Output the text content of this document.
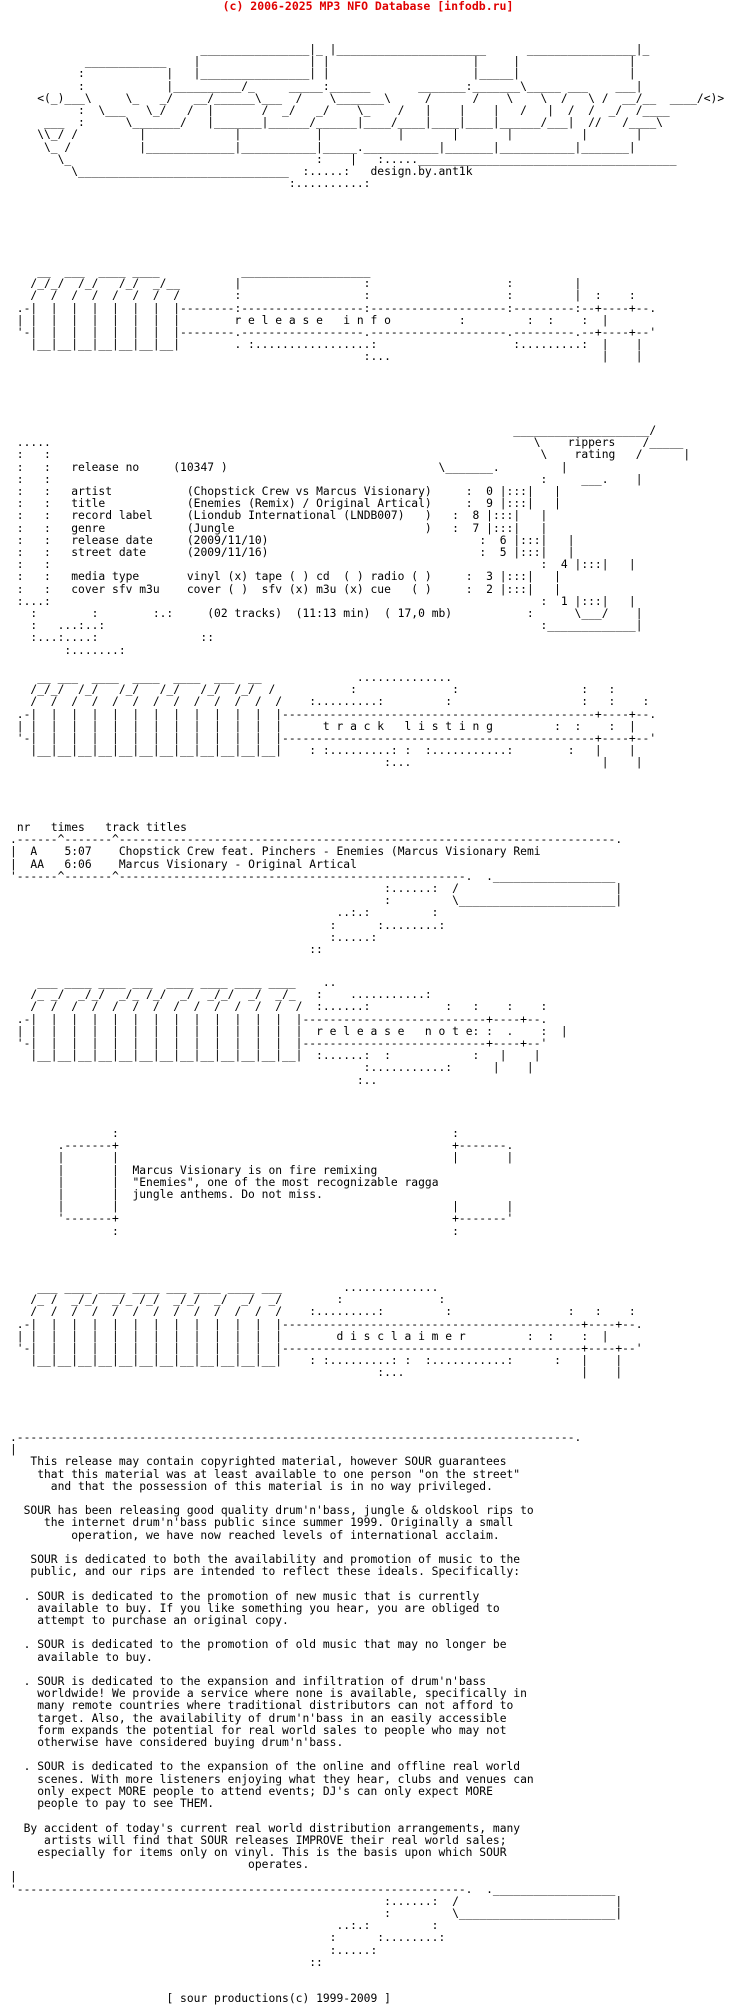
(c) 2006-2025 MP3 NFO Database [infodb.ru]
________________|_ |______________________      ________________|_
____________    |                | |                     |     |                |
:            |   |________________| |                     |_____|                |
:            |__________/_     _____:______       _______:_______\_____ ___    ___|
<(_)___\     \_   _/   __/______\___  /    \_______\     /      /    \    \  /   \ /  __/__  ____/<)>
:  \___   \_/   /  |       /  _/   _/    \_    /   |    |    |   /   |  /  /  _/  /____
___  :      \_______/   |_______|______/______|____/____|____|____|______/___|  //   /____\
\\_/ /         |             |           |           |       |       |          |       |
\_ /          |_____________|___________|_____.___________|_______|___________|_______|
\_                                    :    |   :.....______________________________________
\_______________________________  :.....:   design.by.ant1k
:..........:
__  ___  ____ ____            ___________________
/_/_/  /_/   /_/  _/__        |                  :                    :         |
/  /  /  /  /  /  /  /        :                  :                    :         |  :    :
.-|  |  |  |  |  |  |  |--------:------------------:--------------------:---------:--+----+--.
| |  |  |  |  |  |  |  |	r e l e a s e   i n f o	:         :  :    :  |
'-|  |  |  |  |  |  |  |--------.------------------.--------------------.---------.--+----+--'
|__|__|__|__|__|__|__|        . :.................:                    :.........:  |    |
:...                               |    |
____________________/
.....                                                                       \    rippers    /_____
:   :                                                                        \    rating   /      |
:   :   release no	(10347 )	\_______.         |
:   :                                                                        :     ___.    |
:   :   artist	(Chopstick Crew vs Marcus Visionary)     :  0 |:::|   |
:   :   title	(Enemies (Remix) / Original Artical)     :  9 |:::|   |
:   :   record label	(Liondub International (LNDB007)   )   :  8 |:::|   |
:   :   genre	(Jungle                            )   :  7 |:::|   |
:   :   release date	(2009/11/10)                               :  6 |:::|   |
:   :   street date	(2009/11/16)                               :  5 |:::|   |
:   :                                                                        :  4 |:::|   |
:   :   media type	vinyl (x) tape ( ) cd  ( ) radio ( )     :  3 |:::|   |
:   :   cover sfv m3u cover ( )  sfv (x) m3u (x) cue   ( )     :  2 |:::|   |
:...:                                                                        :  1 |:::|   |
:        :        :.:	(02 tracks)  (11:13 min)  ( 17,0 mb)	:      \___/    |
:   ...:..:                                                                :_____________|
:...:....:               ::
:.......:
__ ___  ____  ____  ____  ___  __              ..............
/_/_/  /_/   /_/   /_/   /_/  /_/  /           :              :                  :   :
/  /  /  /  /  /  /  /  /  /  /  /  /    :.........:         :                   :   :    :
.-|  |  |  |  |  |  |  |  |  |  |  |  |----------------------------------------------+----+--.
| |  |  |  |  |  |  |  |  |  |  |  |  |	t r a c k   l i s t i n g	:  :    :  |
'-|  |  |  |  |  |  |  |  |  |  |  |  |----------------------------------------------+----+--'
|__|__|__|__|__|__|__|__|__|__|__|__|    : :.........: :  :...........:        :   |    |
:...                            |    |
nr times track titles
.------^-------^-------------------------------------------------------------------------.
|  A 5:07 Chopstick Crew feat. Pinchers - Enemies (Marcus Visionary Remi
|  AA 6:06 Marcus Visionary - Original Artical
'------^-------^---------------------------------------------------.  .__________________
:......:  /                       |
:         \_______________________|
..:.:         :
:      :........:
:.....:
::
___ ____ ____ ___  ____ ____ ____ ____    ..
/_ _/  _/_/  _/_ /_/  _/  _/_/  _/  _/_   :    ...........:
/  /  /  /  /  /  /  /  /  /  /  /  /  /  :......:           :   :    :    :
.-|  |  |  |  |  |  |  |  |  |  |  |  |  |---------------------------+----+--.
| |  |  |  |  |  |  |  |  |  |  |  |  |  |  r e l e a s e   n o t e: :  .    :  |
'-|  |  |  |  |  |  |  |  |  |  |  |  |  |---------------------------+----+--'
|__|__|__|__|__|__|__|__|__|__|__|__|__|  :......:  :            :   |    |
:...........:      |    |
:..
:                                                 :
.-------+                                                 +-------.
|       |                                                 |       |
|       |  Marcus Visionary is on fire remixing
|       |  "Enemies", one of the most recognizable ragga
|       |  jungle anthems. Do not miss.
|       |                                                 |       |
'-------+                                                 +-------'
:                                                 :
___ ____ ____ ____ ___ ____ ____ ___         ..............
/_ /  _/_/  _/_ /_/  _/_/  _/  _/  _/        :              :
/  /  /  /  /  /  /  /  /  /  /  /  /    :.........:         :                 :   :    :
.-|  |  |  |  |  |  |  |  |  |  |  |  |--------------------------------------------+----+--.
| |  |  |  |  |  |  |  |  |  |  |  |  |	d i s c l a i m e r	:  :    :  |
'-|  |  |  |  |  |  |  |  |  |  |  |  |--------------------------------------------+----+--'
|__|__|__|__|__|__|__|__|__|__|__|__|    : :.........: :  :...........:      :   |    |
:...                          |    |
.----------------------------------------------------------------------------------.
|
This release may contain copyrighted material, however SOUR guarantees
that this material was at least available to one person "on the street"
and that the possession of this material is in no way privileged.

SOUR has been releasing good quality drum'n'bass, jungle & oldskool rips to
the internet drum'n'bass public since summer 1999. Originally a small
operation, we have now reached levels of international acclaim.

SOUR is dedicated to both the availability and promotion of music to the
public, and our rips are intended to reflect these ideals. Specifically:

. SOUR is dedicated to the promotion of new music that is currently
available to buy. If you like something you hear, you are obliged to
attempt to purchase an original copy.

. SOUR is dedicated to the promotion of old music that may no longer be
available to buy.

. SOUR is dedicated to the expansion and infiltration of drum'n'bass
worldwide! We provide a service where none is available, specifically in
many remote countries where traditional distributors can not afford to
target. Also, the availability of drum'n'bass in an easily accessible
form expands the potential for real world sales to people who may not
otherwise have considered buying drum'n'bass.

. SOUR is dedicated to the expansion of the online and offline real world
scenes. With more listeners enjoying what they hear, clubs and venues can
only expect MORE people to attend events; DJ's can only expect MORE
people to pay to see THEM.

By accident of today's current real world distribution arrangements, many
artists will find that SOUR releases IMPROVE their real world sales;
especially for items only on vinyl. This is the basis upon which SOUR
operates.
|
'------------------------------------------------------------------.  .__________________
:......:  /                       |
:         \_______________________|
..:.:         :
:      :........:
:.....:
::

[ sour productions(c) 1999-2009 ]
